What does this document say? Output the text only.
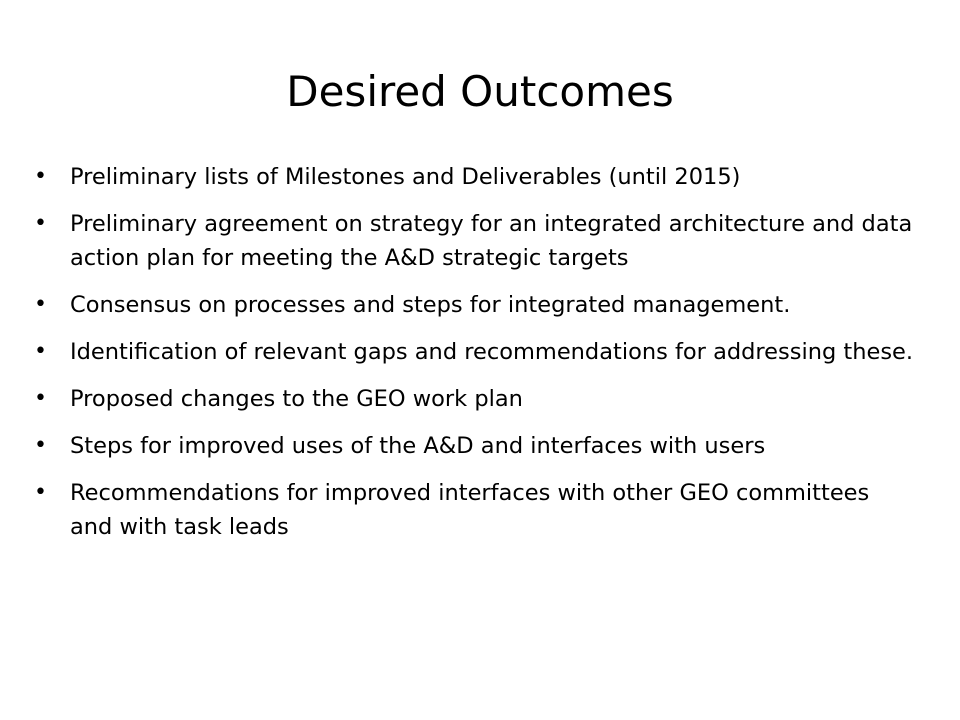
Desired Outcomes
•	Preliminary lists of Milestones and Deliverables (until 2015)
•	Preliminary agreement on strategy for an integrated architecture and data action plan for meeting the A&D strategic targets
•	Consensus on processes and steps for integrated management.
•	Identification of relevant gaps and recommendations for addressing these.
•	Proposed changes to the GEO work plan
•	Steps for improved uses of the A&D and interfaces with users
•	Recommendations for improved interfaces with other GEO committees and with task leads
